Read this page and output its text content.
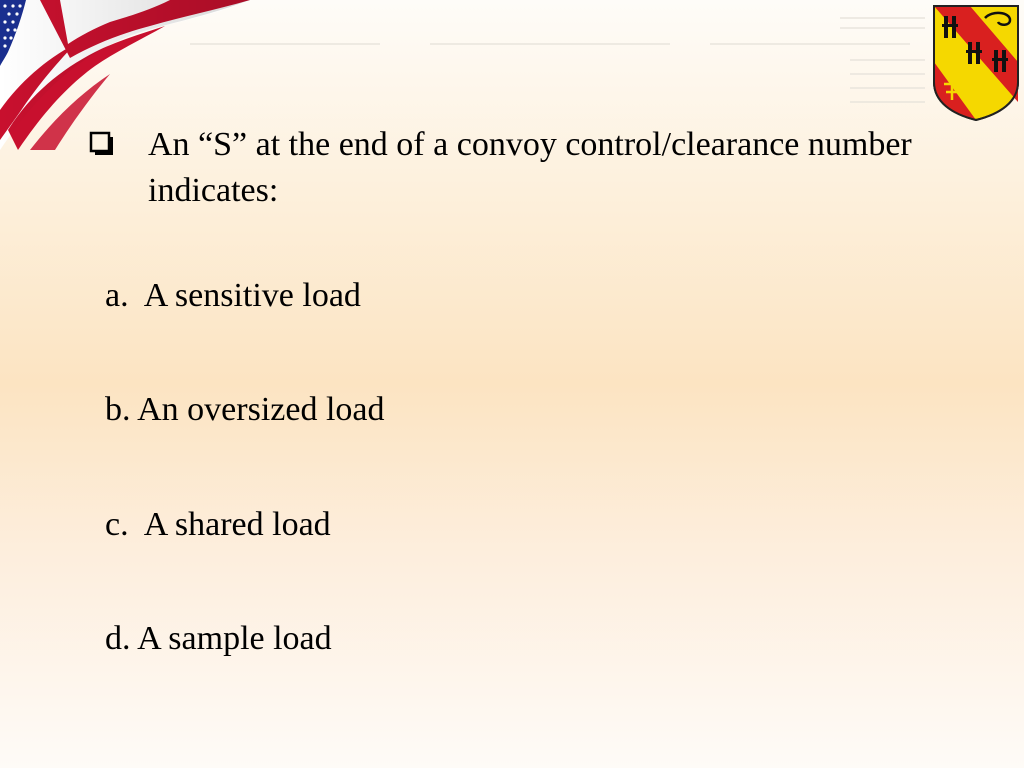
An “S” at the end of a convoy control/clearance number indicates:
a. A sensitive load
b. An oversized load
c. A shared load
d. A sample load
